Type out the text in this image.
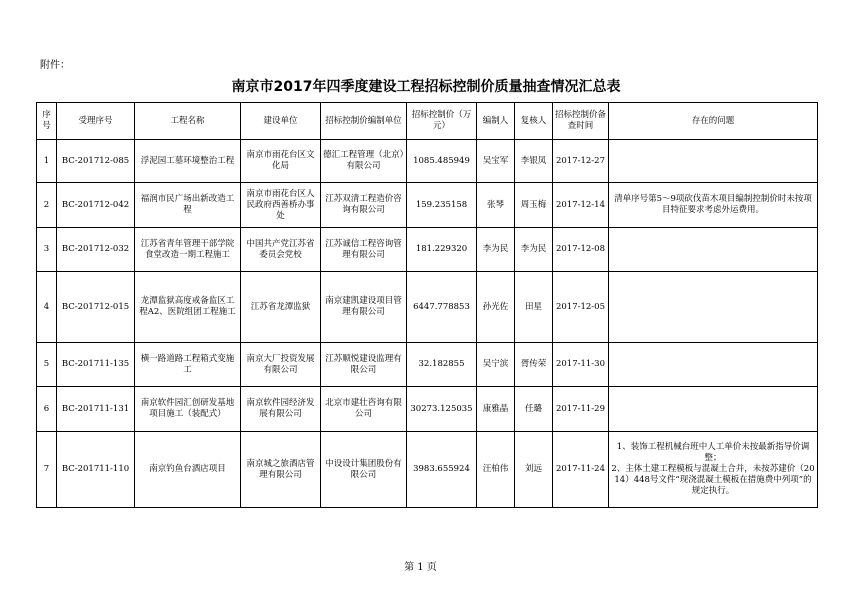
附件：
南京市2017年四季度建设工程招标控制价质量抽查情况汇总表
序号	受理序号	工程名称	建设单位	招标控制价编制单位	招标控制价（万元）	编制人	复核人	招标控制价备查时间	存在的问题
1	BC-201712-085	浮泥园工墓环境整治工程	南京市雨花台区文化局	德汇工程管理（北京）有限公司	1085.485949	吴宝军	李银凤	2017-12-27	
2	BC-201712-042	福润市民广场出新改造工程	南京市雨花台区人民政府西善桥办事处	江苏双清工程造价咨询有限公司	159.235158	张琴	周玉梅	2017-12-14	清单序号第5～9项砍伐苗木项目编制控制价时未按项目特征要求考虑外运费用。
3	BC-201712-032	江苏省青年管理干部学院食堂改造一期工程施工	中国共产党江苏省委员会党校	江苏诚信工程咨询管理有限公司	181.229320	李为民	李为民	2017-12-08	
4	BC-201712-015	龙潭监狱高度戒备监区工程A2、医院组团工程施工	江苏省龙潭监狱	南京建凯建设项目管理有限公司	6447.778853	孙光佐	田星	2017-12-05	
5	BC-201711-135	横一路道路工程箱式变施工	南京大厂投资发展有限公司	江苏顺悦建设监理有限公司	32.182855	吴宁滨	胥传荣	2017-11-30	
6	BC-201711-131	南京软件园汇创研发基地项目施工（装配式）	南京软件园经济发展有限公司	北京市建壮咨询有限公司	30273.125035	康雅晶	任璐	2017-11-29	
7	BC-201711-110	南京钓鱼台酒店项目	南京城之旅酒店管理有限公司	中设设计集团股份有限公司	3983.655924	汪柏伟	刘远	2017-11-24	1、装饰工程机械台班中人工单价未按最新指导价调整；
2、主体土建工程模板与混凝土合并，未按苏建价（2014）448号文件“现浇混凝土模板在措施费中列项”的规定执行。
第 1 页
